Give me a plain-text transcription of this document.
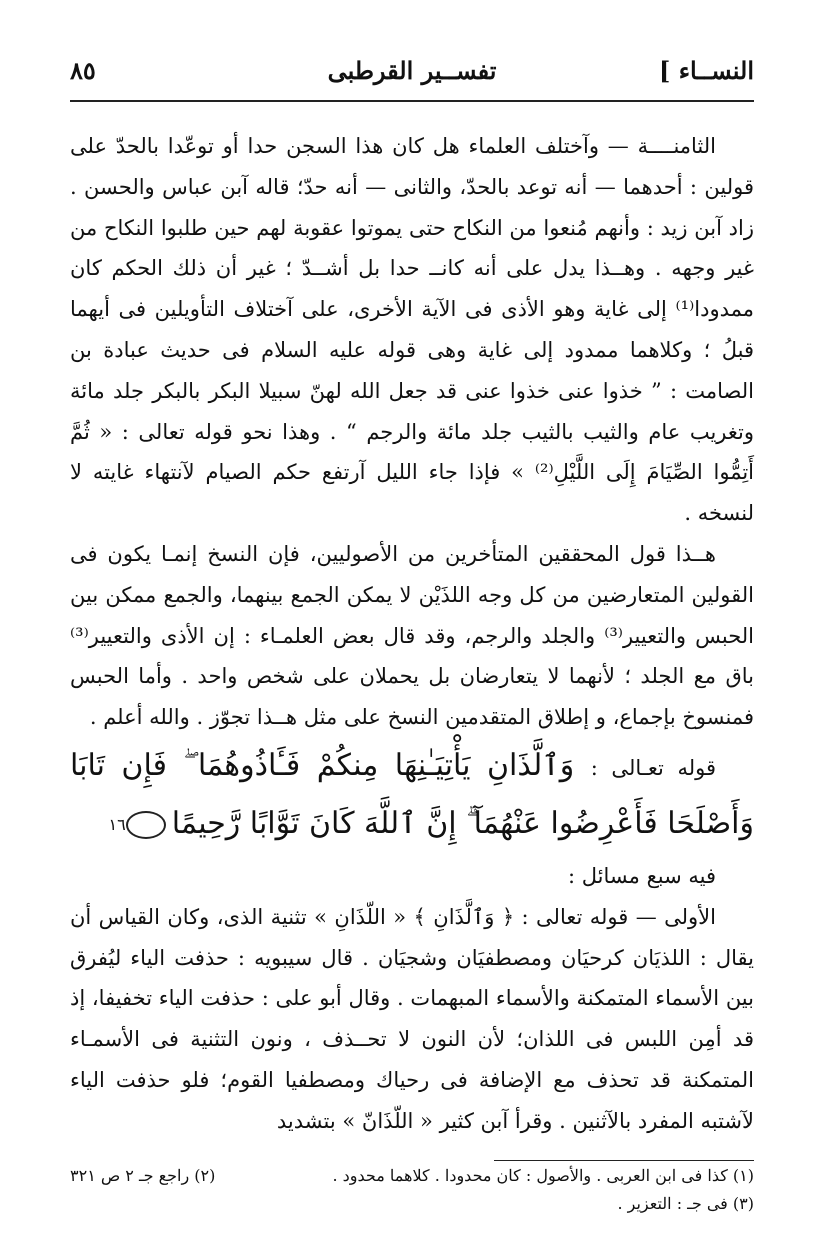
النســاء ]
تفســير القرطبى
٨٥

الثامنــــة — وآختلف العلماء هل كان هذا السجن حدا أو توعّدا بالحدّ على قولين : أحدهما — أنه توعد بالحدّ، والثانى — أنه حدّ؛ قاله آبن عباس والحسن . زاد آبن زيد : وأنهم مُنعوا من النكاح حتى يموتوا عقوبة لهم حين طلبوا النكاح من غير وجهه . وهــذا يدل على أنه كانــ حدا بل أشــدّ ؛ غير أن ذلك الحكم كان ممدودا⁽¹⁾ إلى غاية وهو الأذى فى الآية الأخرى، على آختلاف التأويلين فى أيهما قبلُ ؛ وكلاهما ممدود إلى غاية وهى قوله عليه السلام فى حديث عبادة بن الصامت : ” خذوا عنى خذوا عنى قد جعل الله لهنّ سبيلا البكر بالبكر جلد مائة وتغريب عام والثيب بالثيب جلد مائة والرجم “ . وهذا نحو قوله تعالى : « ثُمَّ أَتِمُّوا الصِّيَامَ إِلَى اللَّيْلِ⁽²⁾ » فإذا جاء الليل آرتفع حكم الصيام لآنتهاء غايته لا لنسخه .

هــذا قول المحققين المتأخرين من الأصوليين، فإن النسخ إنمـا يكون فى القولين المتعارضين من كل وجه اللذَيْن لا يمكن الجمع بينهما، والجمع ممكن بين الحبس والتعيير⁽³⁾ والجلد والرجم، وقد قال بعض العلمـاء : إن الأذى والتعيير⁽³⁾ باق مع الجلد ؛ لأنهما لا يتعارضان بل يحملان على شخص واحد . وأما الحبس فمنسوخ بإجماع، و إطلاق المتقدمين النسخ على مثل هــذا تجوّز . والله أعلم .

قوله تعـالى : وَٱلَّذَانِ يَأْتِيَـٰنِهَا مِنكُمْ فَـَٔاذُوهُمَا ۖ فَإِن تَابَا وَأَصْلَحَا فَأَعْرِضُوا عَنْهُمَآ ۗ إِنَّ ٱللَّهَ كَانَ تَوَّابًا رَّحِيمًا١٦

فيه سبع مسائل :

الأولى — قوله تعالى : ﴿ وَٱلَّذَانِ ﴾ « اللّذَانِ » تثنية الذى، وكان القياس أن يقال : اللذيَان كرحيَان ومصطفيَان وشجيَان . قال سيبويه : حذفت الياء ليُفرق بين الأسماء المتمكنة والأسماء المبهمات . وقال أبو على : حذفت الياء تخفيفا، إذ قد أمِن اللبس فى اللذان؛ لأن النون لا تحــذف ، ونون التثنية فى الأسمـاء المتمكنة قد تحذف مع الإضافة فى رحياك ومصطفيا القوم؛ فلو حذفت الياء لآشتبه المفرد بالآثنين . وقرأ آبن كثير « اللّذَانّ » بتشديد

(١) كذا فى ابن العربى . والأصول : كان محدودا . كلاهما محدود .
(٢) راجع جـ ٢ ص ٣٢١
(٣) فى جـ : التعزير .
